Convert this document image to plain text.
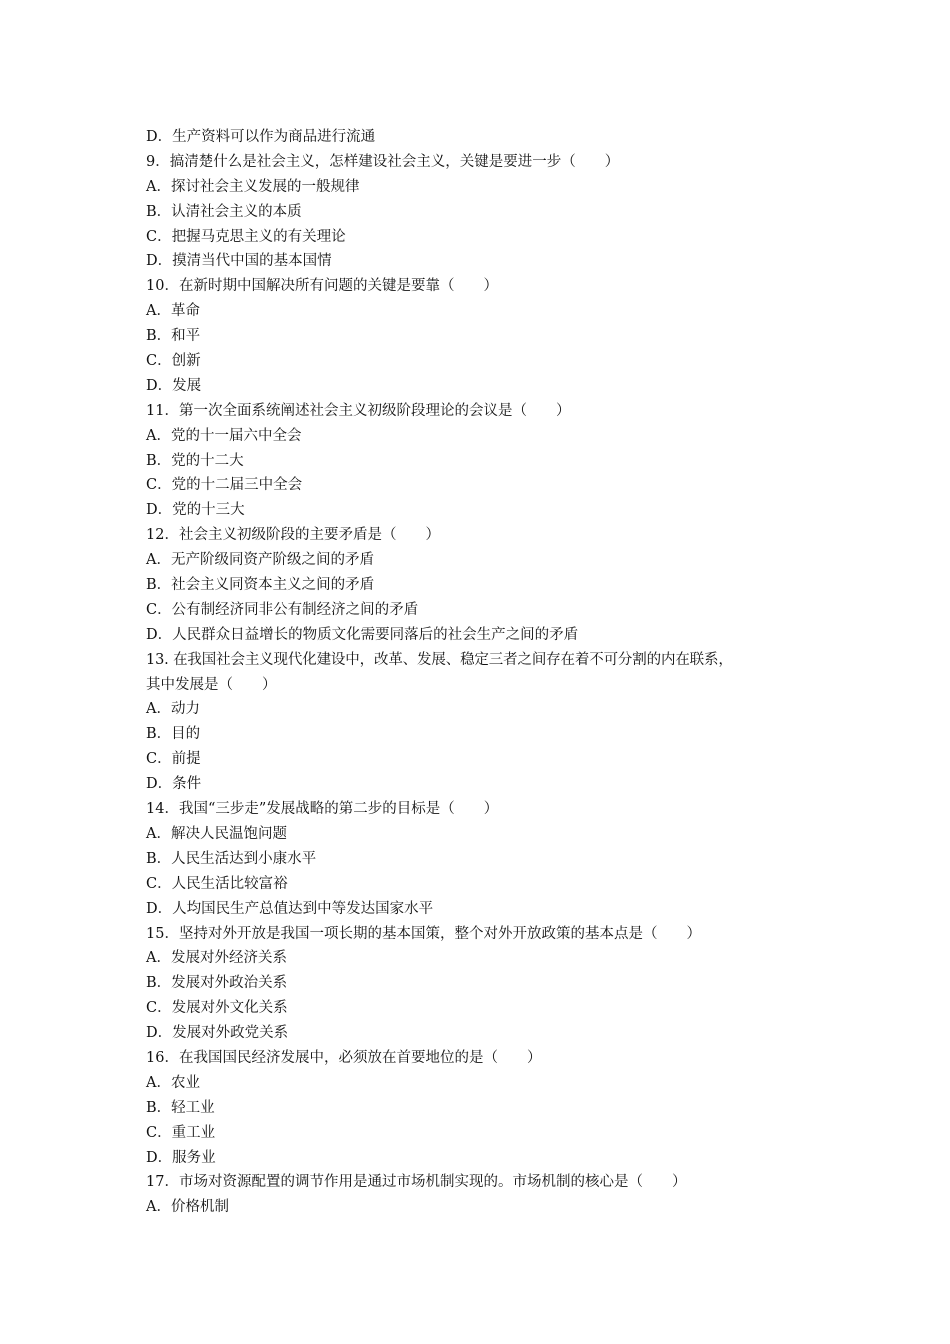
D．生产资料可以作为商品进行流通
9．搞清楚什么是社会主义，怎样建设社会主义，关键是要进一步（　　）
A．探讨社会主义发展的一般规律
B．认清社会主义的本质
C．把握马克思主义的有关理论
D．摸清当代中国的基本国情
10．在新时期中国解决所有问题的关键是要靠（　　）
A．革命
B．和平
C．创新
D．发展
11．第一次全面系统阐述社会主义初级阶段理论的会议是（　　）
A．党的十一届六中全会
B．党的十二大
C．党的十二届三中全会
D．党的十三大
12．社会主义初级阶段的主要矛盾是（　　）
A．无产阶级同资产阶级之间的矛盾
B．社会主义同资本主义之间的矛盾
C．公有制经济同非公有制经济之间的矛盾
D．人民群众日益增长的物质文化需要同落后的社会生产之间的矛盾
13. 在我国社会主义现代化建设中，改革、发展、稳定三者之间存在着不可分割的内在联系，
其中发展是（　　）
A．动力
B．目的
C．前提
D．条件
14．我国“三步走”发展战略的第二步的目标是（　　）
A．解决人民温饱问题
B．人民生活达到小康水平
C．人民生活比较富裕
D．人均国民生产总值达到中等发达国家水平
15．坚持对外开放是我国一项长期的基本国策，整个对外开放政策的基本点是（　　）
A．发展对外经济关系
B．发展对外政治关系
C．发展对外文化关系
D．发展对外政党关系
16．在我国国民经济发展中，必须放在首要地位的是（　　）
A．农业
B．轻工业
C．重工业
D．服务业
17．市场对资源配置的调节作用是通过市场机制实现的。市场机制的核心是（　　）
A．价格机制
